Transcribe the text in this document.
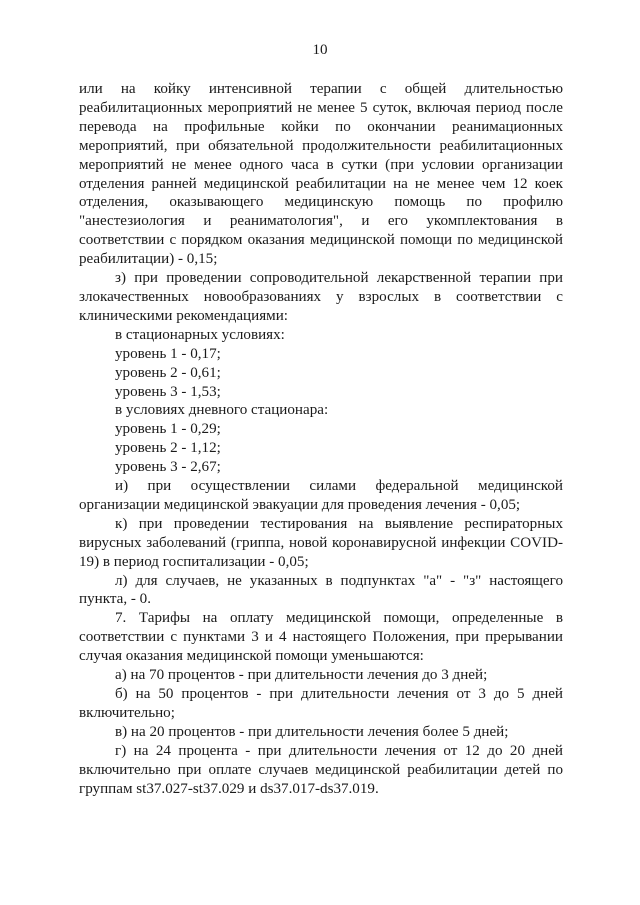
10

или на койку интенсивной терапии с общей длительностью реабилитационных мероприятий не менее 5 суток, включая период после перевода на профильные койки по окончании реанимационных мероприятий, при обязательной продолжительности реабилитационных мероприятий не менее одного часа в сутки (при условии организации отделения ранней медицинской реабилитации на не менее чем 12 коек отделения, оказывающего медицинскую помощь по профилю "анестезиология и реаниматология", и его укомплектования в соответствии с порядком оказания медицинской помощи по медицинской реабилитации) - 0,15;

з) при проведении сопроводительной лекарственной терапии при злокачественных новообразованиях у взрослых в соответствии с клиническими рекомендациями:

в стационарных условиях:

уровень 1 - 0,17;

уровень 2 - 0,61;

уровень 3 - 1,53;

в условиях дневного стационара:

уровень 1 - 0,29;

уровень 2 - 1,12;

уровень 3 - 2,67;

и) при осуществлении силами федеральной медицинской организации медицинской эвакуации для проведения лечения - 0,05;

к) при проведении тестирования на выявление респираторных вирусных заболеваний (гриппа, новой коронавирусной инфекции COVID-19) в период госпитализации - 0,05;

л) для случаев, не указанных в подпунктах "а" - "з" настоящего пункта, - 0.

7. Тарифы на оплату медицинской помощи, определенные в соответствии с пунктами 3 и 4 настоящего Положения, при прерывании случая оказания медицинской помощи уменьшаются:

а) на 70 процентов - при длительности лечения до 3 дней;

б) на 50 процентов - при длительности лечения от 3 до 5 дней включительно;

в) на 20 процентов - при длительности лечения более 5 дней;

г) на 24 процента - при длительности лечения от 12 до 20 дней включительно при оплате случаев медицинской реабилитации детей по группам st37.027-st37.029 и ds37.017-ds37.019.
